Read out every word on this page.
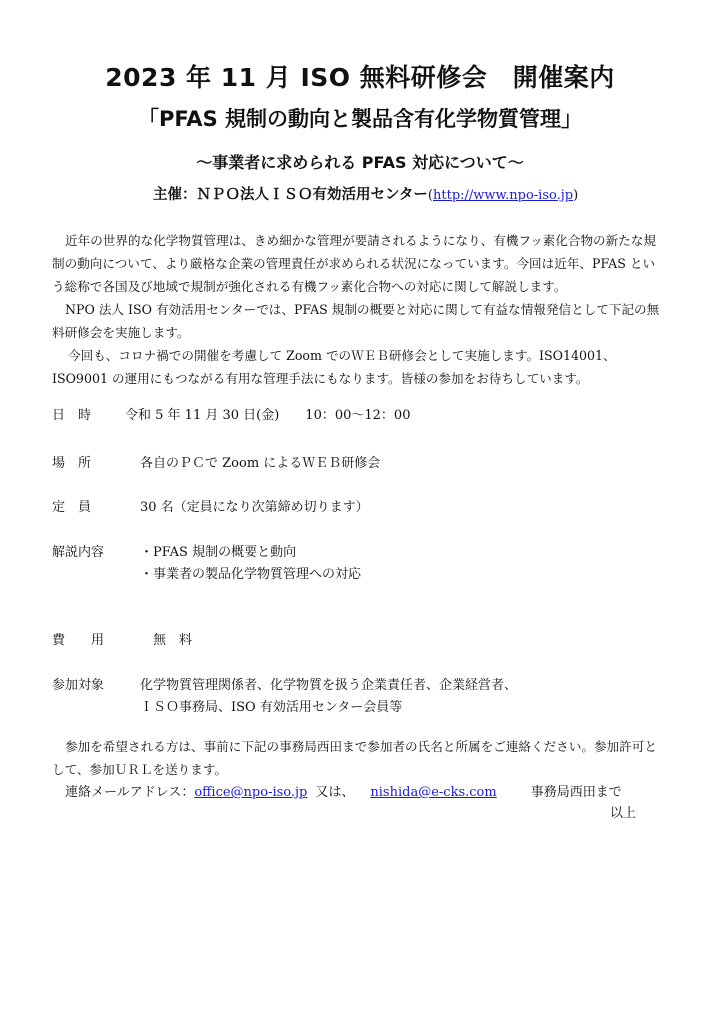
2023 年 11 月 ISO 無料研修会　開催案内
「PFAS 規制の動向と製品含有化学物質管理」
～事業者に求められる PFAS 対応について～
主催：ＮＰＯ法人ＩＳＯ有効活用センター(http://www.npo-iso.jp)
近年の世界的な化学物質管理は、きめ細かな管理が要請されるようになり、有機フッ素化合物の新たな規制の動向について、より厳格な企業の管理責任が求められる状況になっています。今回は近年、PFAS という総称で各国及び地域で規制が強化される有機フッ素化合物への対応に関して解説します。
NPO 法人 ISO 有効活用センターでは、PFAS 規制の概要と対応に関して有益な情報発信として下記の無料研修会を実施します。
今回も、コロナ禍での開催を考慮して Zoom でのＷＥＢ研修会として実施します。ISO14001、ISO9001 の運用にもつながる有用な管理手法にもなります。皆様の参加をお待ちしています。
日　時	令和 5 年 11 月 30 日(金)　　10：00～12：00
場　所	各自のＰＣで Zoom によるＷＥＢ研修会
定　員	30 名（定員になり次第締め切ります）
解説内容	・PFAS 規制の概要と動向
・事業者の製品化学物質管理への対応
費　　用	無　料
参加対象	化学物質管理関係者、化学物質を扱う企業責任者、企業経営者、
ＩＳＯ事務局、ISO 有効活用センター会員等
参加を希望される方は、事前に下記の事務局西田まで参加者の氏名と所属をご連絡ください。参加許可として、参加ＵＲＬを送ります。
連絡メールアドレス：office@npo-iso.jp 又は、 nishida@e-cks.com	事務局西田まで
以上
